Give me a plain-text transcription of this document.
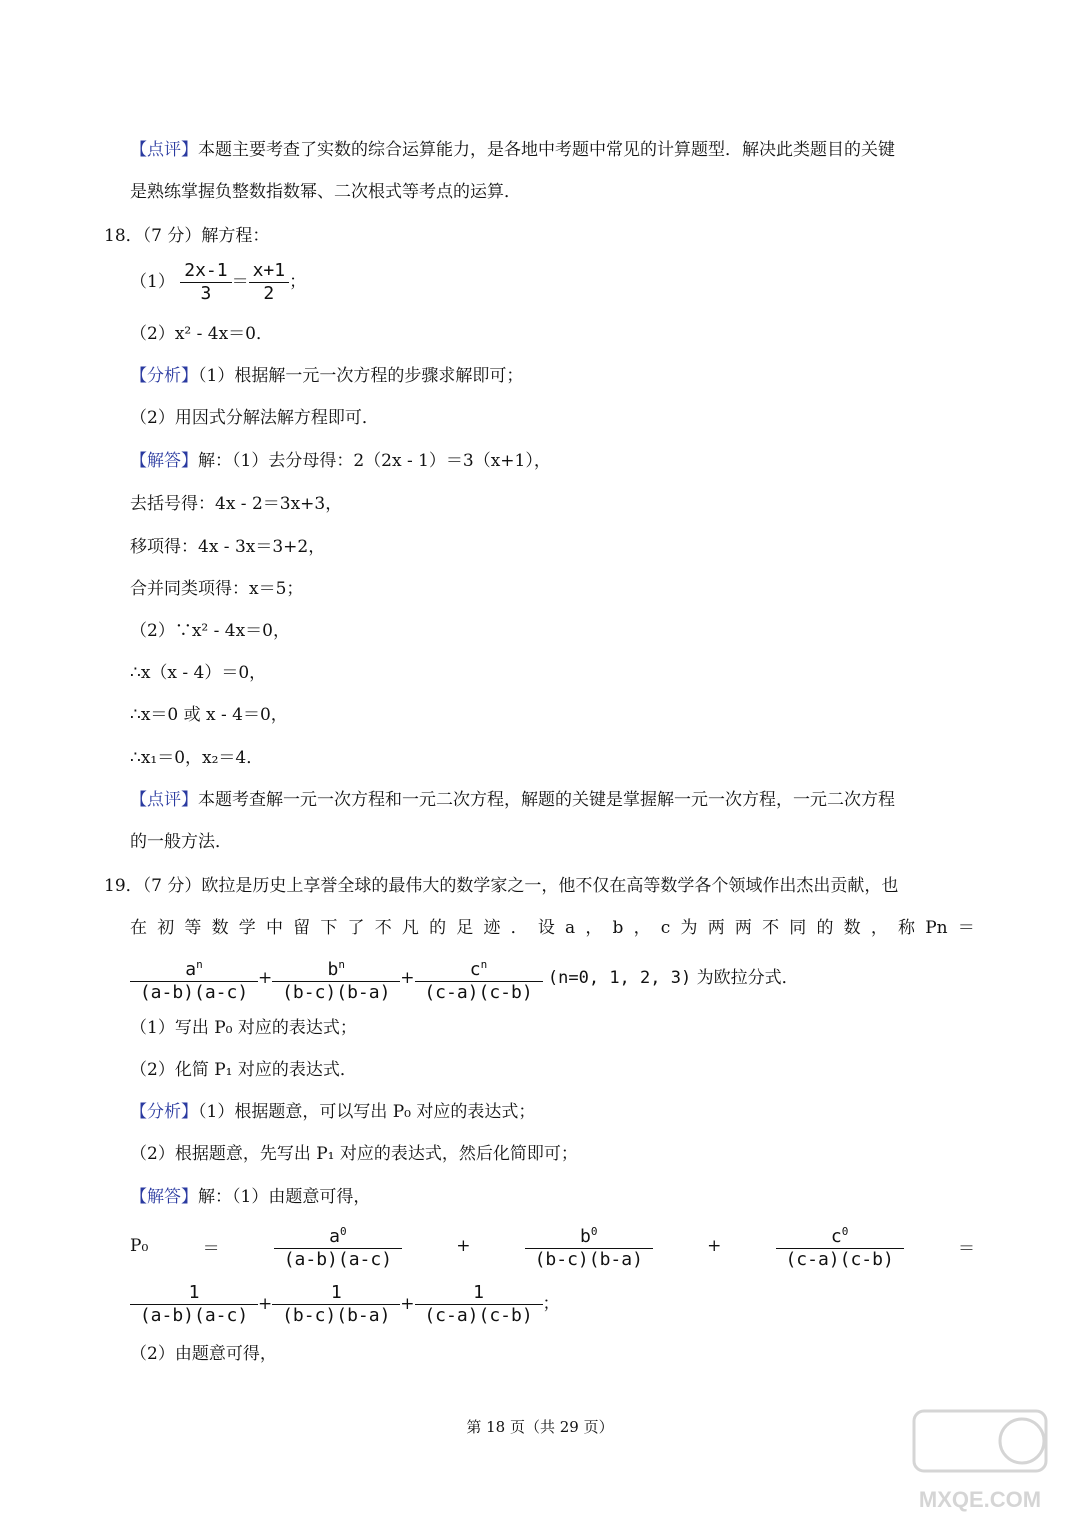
【点评】本题主要考查了实数的综合运算能力，是各地中考题中常见的计算题型．解决此类题目的关键
是熟练掌握负整数指数幂、二次根式等考点的运算．
18．（7 分）解方程：
$(1) \frac{2x-1}{3} = \frac{x+1}{2}$ ；
（2）x² - 4x＝0．
【分析】（1）根据解一元一次方程的步骤求解即可；
（2）用因式分解法解方程即可．
【解答】解：（1）去分母得：2（2x - 1）＝3（x+1），
去括号得：4x - 2＝3x+3，
移项得：4x - 3x＝3+2，
合并同类项得：x＝5；
（2）∵x² - 4x＝0，
∴x（x - 4）＝0，
∴x＝0 或 x - 4＝0，
∴x₁＝0，x₂＝4．
【点评】本题考查解一元一次方程和一元二次方程，解题的关键是掌握解一元一次方程，一元二次方程
的一般方法．
19．（7 分）欧拉是历史上享誉全球的最伟大的数学家之一，他不仅在高等数学各个领域作出杰出贡献，也
在 初 等 数 学 中 留 下 了 不 凡 的 足 迹 ． 设 a ， b ， c 为 两 两 不 同 的 数 ， 称 Pn ＝
$\frac{a^n}{(a-b)(a-c)} + \frac{b^n}{(b-c)(b-a)} + \frac{c^n}{(c-a)(c-b)} (n=0$, 1, 2, 3) 为欧拉分式．
（1）写出 P₀ 对应的表达式；
（2）化简 P₁ 对应的表达式．
【分析】（1）根据题意，可以写出 P₀ 对应的表达式；
（2）根据题意，先写出 P₁ 对应的表达式，然后化简即可；
【解答】解：（1）由题意可得，
P₀	＝	$\frac{a^0}{(a-b)(a-c)}$	+	$\frac{b^0}{(b-c)(b-a)}$	+	$\frac{c^0}{(c-a)(c-b)}$	＝
$\frac{1}{(a-b)(a-c)} + \frac{1}{(b-c)(b-a)} + \frac{1}{(c-a)(c-b)}$ ；
（2）由题意可得，
第 18 页（共 29 页）
MXQE.COM
